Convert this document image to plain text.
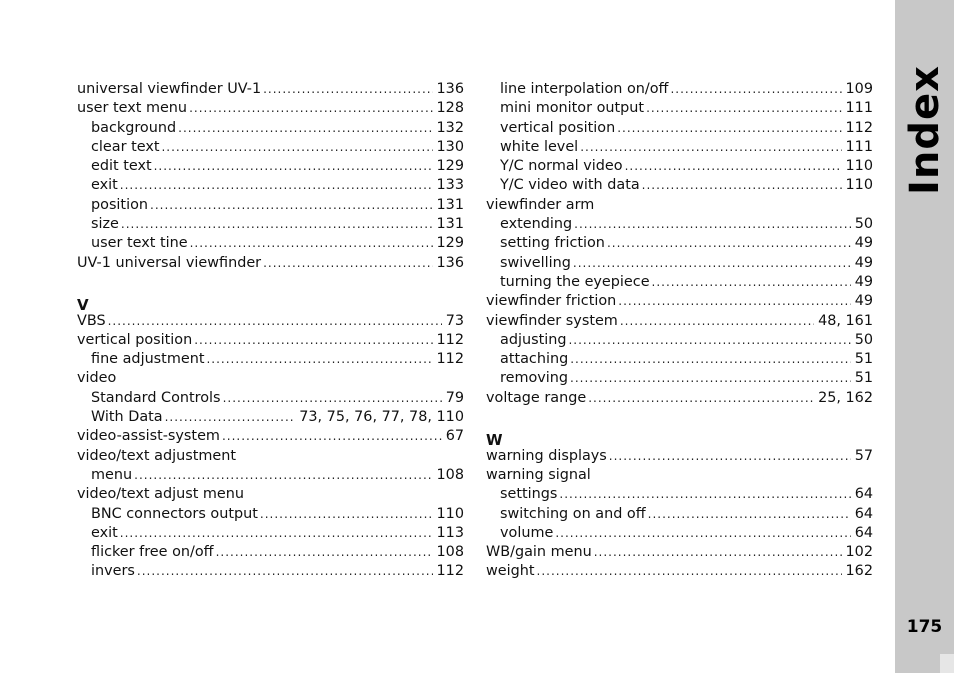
Index
175
universal viewfinder UV-1 .....	136
user text menu .....	128
background .....	132
clear text .....	130
edit text .....	129
exit .....	133
position .....	131
size .....	131
user text tine .....	129
UV-1 universal viewfinder .....	136
V
VBS .....	73
vertical position .....	112
fine adjustment .....	112
video
Standard Controls .....	79
With Data .....	73, 75, 76, 77, 78, 110
video-assist-system .....	67
video/text adjustment
menu .....	108
video/text adjust menu
BNC connectors output .....	110
exit .....	113
flicker free on/off .....	108
invers .....	112
line interpolation on/off .....	109
mini monitor output .....	111
vertical position .....	112
white level .....	111
Y/C normal video .....	110
Y/C video with data .....	110
viewfinder arm
extending .....	50
setting friction .....	49
swivelling .....	49
turning the eyepiece .....	49
viewfinder friction .....	49
viewfinder system .....	48, 161
adjusting .....	50
attaching .....	51
removing .....	51
voltage range .....	25, 162
W
warning displays .....	57
warning signal
settings .....	64
switching on and off .....	64
volume .....	64
WB/gain menu .....	102
weight .....	162
